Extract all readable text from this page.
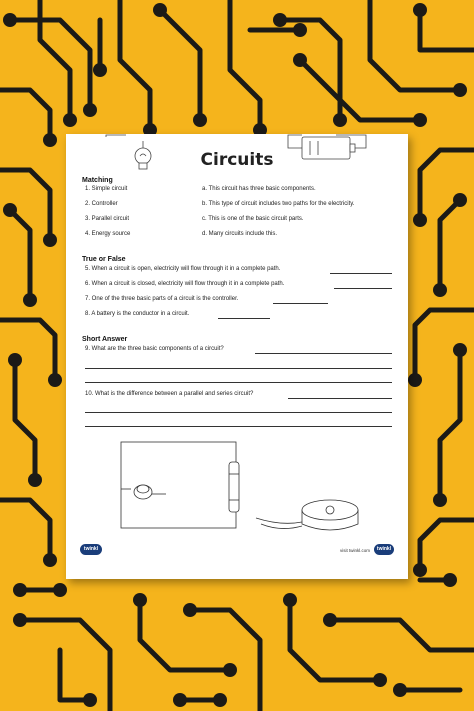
Circuits
Matching
1. Simple circuit
2. Controller
3. Parallel circuit
4. Energy source
a. This circuit has three basic components.
b. This type of circuit includes two paths for the electricity.
c. This is one of the basic circuit parts.
d. Many circuits include this.
True or False
5. When a circuit is open, electricity will flow through it in a complete path.
6. When a circuit is closed, electricity will flow through it in a complete path.
7. One of the three basic parts of a circuit is the controller.
8. A battery is the conductor in a circuit.
Short Answer
9. What are the three basic components of a circuit?
10. What is the difference between a parallel and series circuit?
twinkl	visit twinkl.com	twinkl
